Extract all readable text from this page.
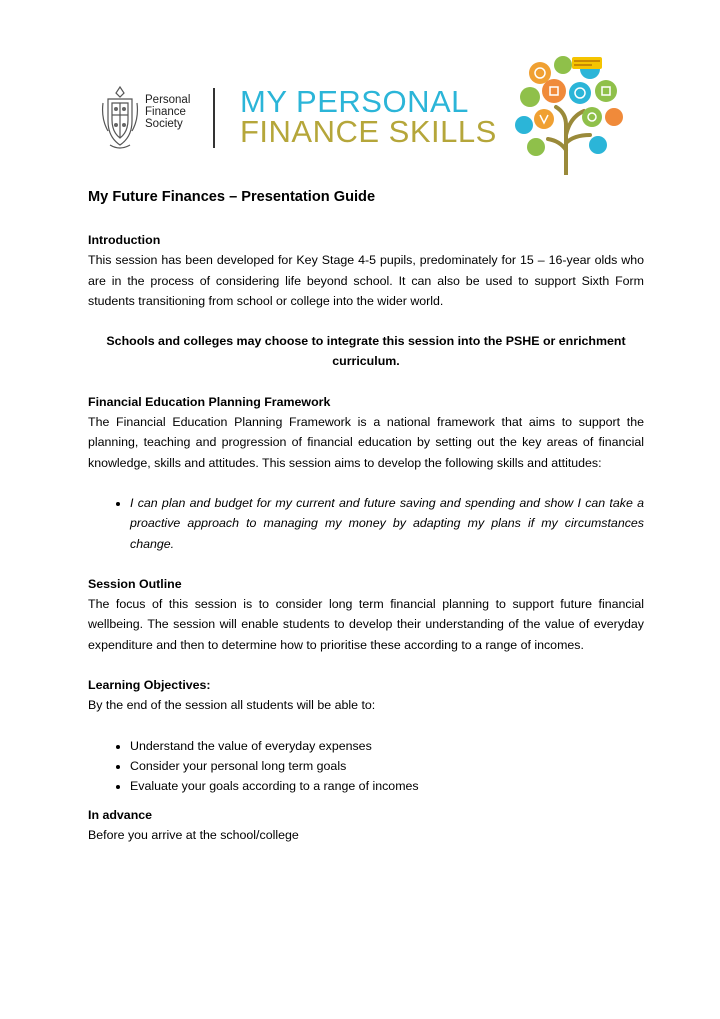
Personal
Finance
Society
MY PERSONAL
FINANCE SKILLS
My Future Finances – Presentation Guide

Introduction

This session has been developed for Key Stage 4-5 pupils, predominately for 15 – 16-year olds who are in the process of considering life beyond school. It can also be used to support Sixth Form students transitioning from school or college into the wider world.

Schools and colleges may choose to integrate this session into the PSHE or enrichment curriculum.

Financial Education Planning Framework

The Financial Education Planning Framework is a national framework that aims to support the planning, teaching and progression of financial education by setting out the key areas of financial knowledge, skills and attitudes. This session aims to develop the following skills and attitudes:

• I can plan and budget for my current and future saving and spending and show I can take a proactive approach to managing my money by adapting my plans if my circumstances change.

Session Outline

The focus of this session is to consider long term financial planning to support future financial wellbeing. The session will enable students to develop their understanding of the value of everyday expenditure and then to determine how to prioritise these according to a range of incomes.

Learning Objectives:

By the end of the session all students will be able to:

• Understand the value of everyday expenses
• Consider your personal long term goals
• Evaluate your goals according to a range of incomes

In advance

Before you arrive at the school/college
